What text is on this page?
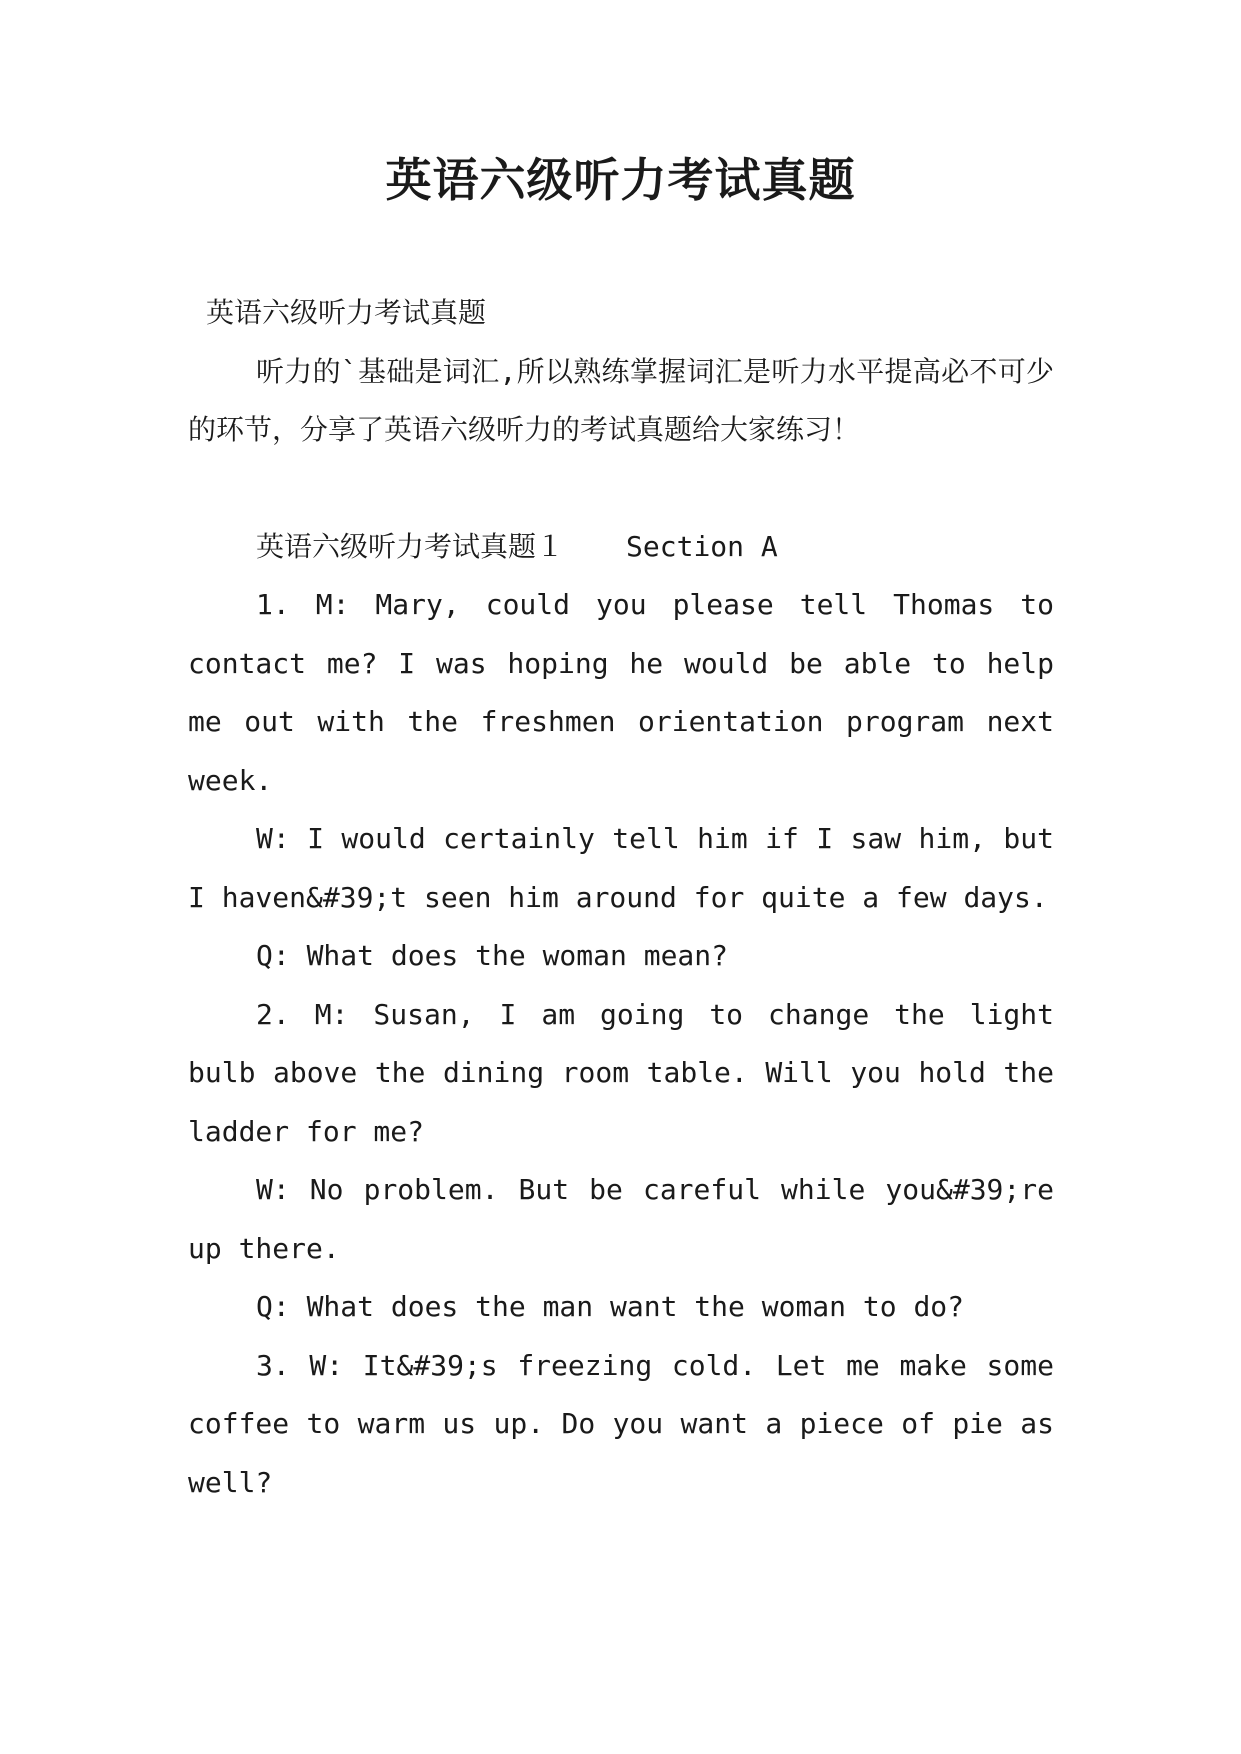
英语六级听力考试真题

英语六级听力考试真题

听力的`基础是词汇,所以熟练掌握词汇是听力水平提高必不可少的环节，分享了英语六级听力的考试真题给大家练习！

英语六级听力考试真题１ Section A

1. M: Mary, could you please tell Thomas to contact me? I was hoping he would be able to help me out with the freshmen orientation program next week.

W: I would certainly tell him if I saw him, but I haven&#39;t seen him around for quite a few days.

Q: What does the woman mean?

2. M: Susan, I am going to change the light bulb above the dining room table. Will you hold the ladder for me?

W: No problem. But be careful while you&#39;re up there.

Q: What does the man want the woman to do?

3. W: It&#39;s freezing cold. Let me make some coffee to warm us up. Do you want a piece of pie as well?
